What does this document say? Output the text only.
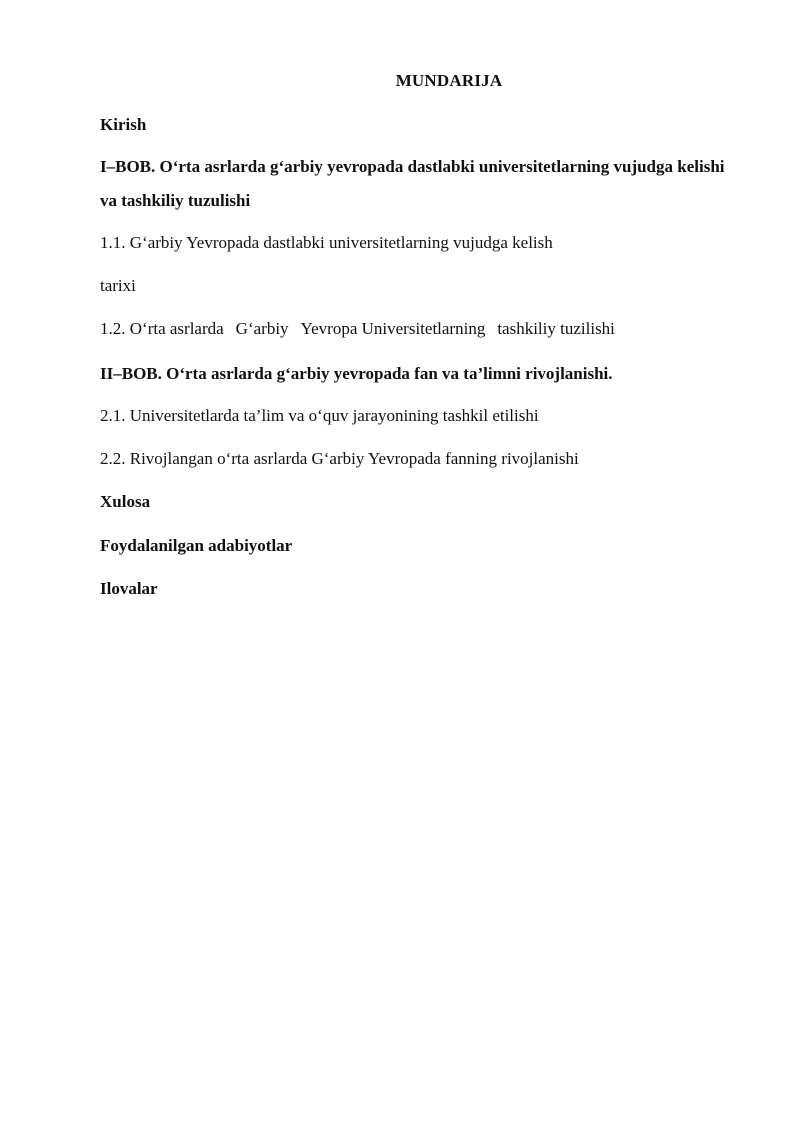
MUNDARIJA
Kirish
I–BOB. O‘rta asrlarda g‘arbiy yevropada dastlabki universitetlarning vujudga kelishi
va tashkiliy tuzulishi
1.1. G‘arbiy Yevropada dastlabki universitetlarning vujudga kelish
tarixi
1.2. O‘rta asrlarda G‘arbiy Yevropa Universitetlarning tashkiliy tuzilishi
II–BOB. O‘rta asrlarda g‘arbiy yevropada fan va ta’limni rivojlanishi.
2.1. Universitetlarda ta’lim va o‘quv jarayonining tashkil etilishi
2.2. Rivojlangan o‘rta asrlarda G‘arbiy Yevropada fanning rivojlanishi
Xulosa
Foydalanilgan adabiyotlar
Ilovalar
